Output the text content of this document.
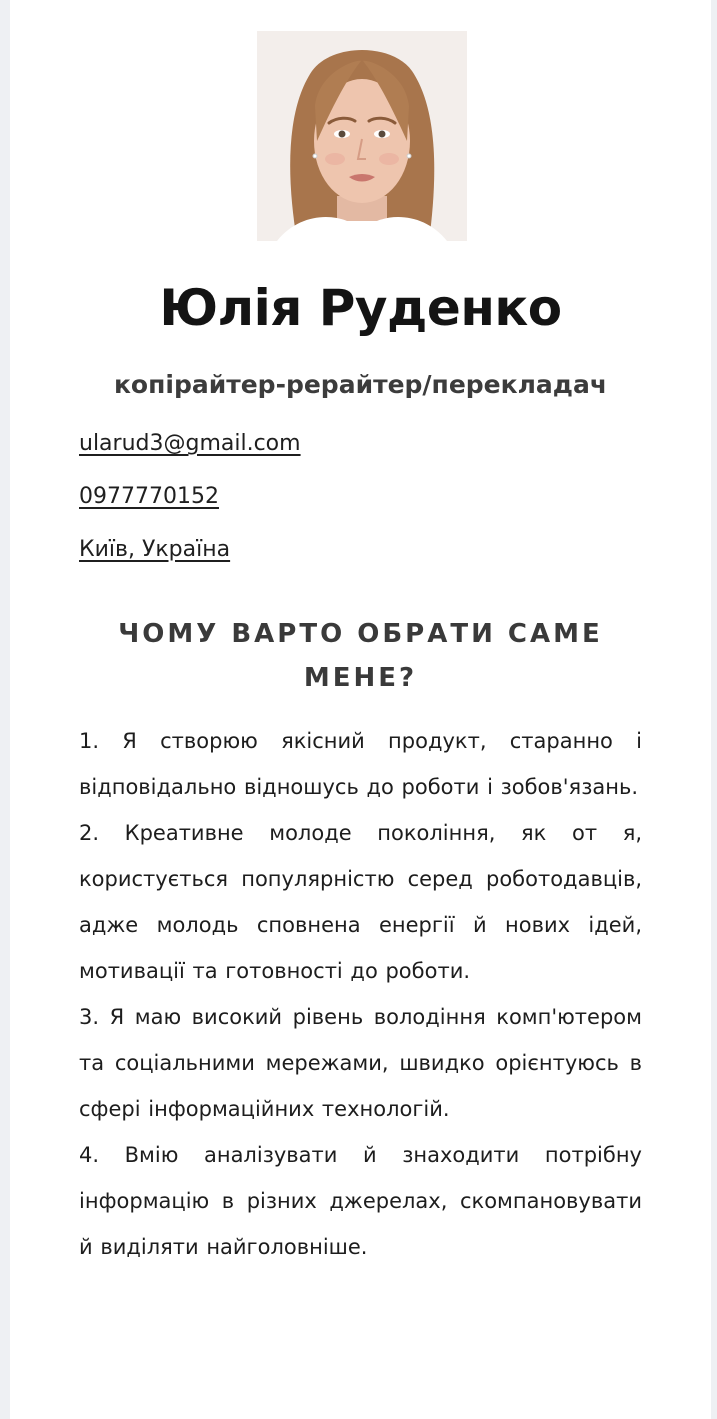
Юлія Руденко
копірайтер-рерайтер/перекладач
ularud3@gmail.com
0977770152
Київ, Україна
ЧОМУ ВАРТО ОБРАТИ САМЕ МЕНЕ?

1. Я створюю якісний продукт, старанно і відповідально відношусь до роботи і зобов'язань.

2. Креативне молоде покоління, як от я, користується популярністю серед роботодавців, адже молодь сповнена енергії й нових ідей, мотивації та готовності до роботи.

3. Я маю високий рівень володіння комп'ютером та соціальними мережами, швидко орієнтуюсь в сфері інформаційних технологій.

4. Вмію аналізувати й знаходити потрібну інформацію в різних джерелах, скомпановувати й виділяти найголовніше.
